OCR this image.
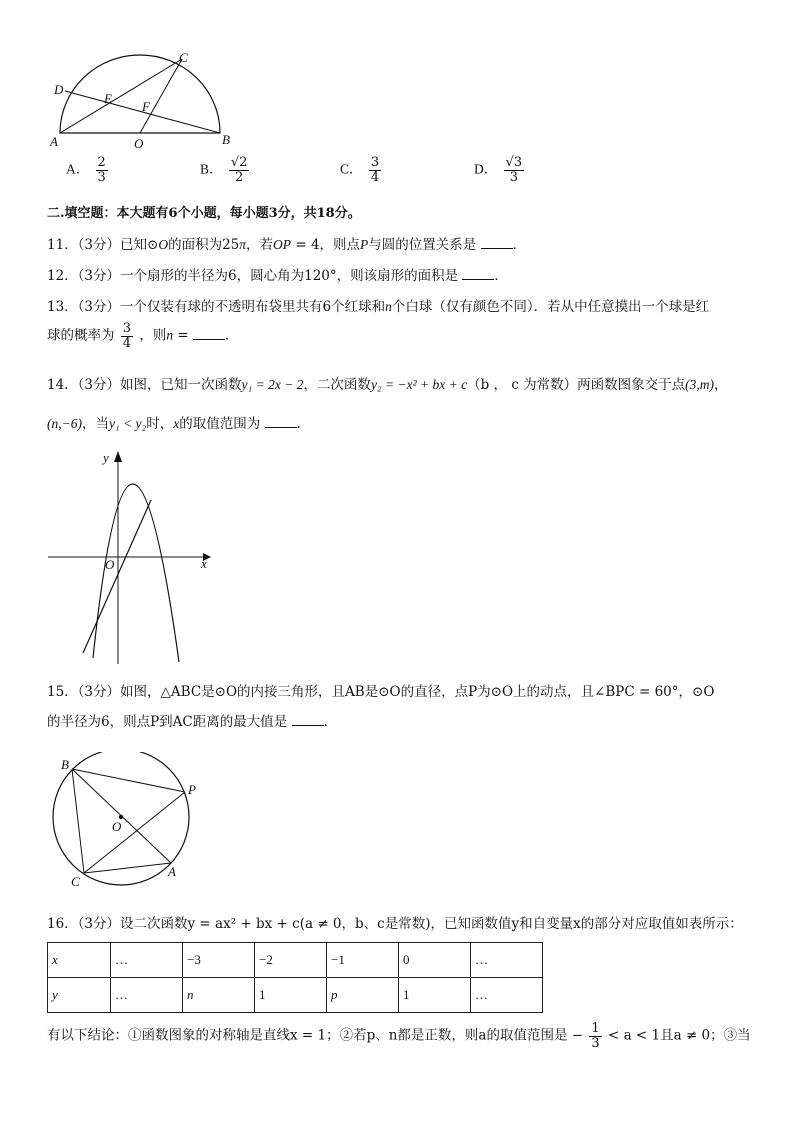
A	B
C
D
E
F
O
A． $\frac{2}{3}$	B． $\frac{√2}{2}$	C． $\frac{3}{4}$	D． $\frac{√3}{3}$
二.填空题：本大题有6个小题，每小题3分，共18分。
11．（3分）已知⊙O的面积为25π，若OP = 4，则点P与圆的位置关系是	．
12．（3分）一个扇形的半径为6，圆心角为120°，则该扇形的面积是	．
13．（3分）一个仅装有球的不透明布袋里共有6个红球和n个白球（仅有颜色不同）．若从中任意摸出一个球是红
球的概率为 $\frac{3}{4}$ ，则n = ．
14．（3分）如图，已知一次函数y₁ = 2x − 2，二次函数y₂ = −x² + bx + c（b ， c 为常数）两函数图象交于点(3,m)，
(n,−6)，当y₁ < y₂时，x的取值范围为	．
x
y
O
15．（3分）如图，△ABC是⊙O的内接三角形，且AB是⊙O的直径，点P为⊙O上的动点，且∠BPC = 60°，⊙O
的半径为6，则点P到AC距离的最大值是	．
B
P
O
C
A
16．（3分）设二次函数y = ax² + bx + c(a ≠ 0，b、c是常数)，已知函数值y和自变量x的部分对应取值如表所示：
x	…	−3	−2	−1	0	…
y	…	n	1	p	1	…
有以下结论：①函数图象的对称轴是直线x = 1；②若p、n都是正数，则a的取值范围是 − $\frac{1}{3} < a < 1$且a ≠ 0；③当
